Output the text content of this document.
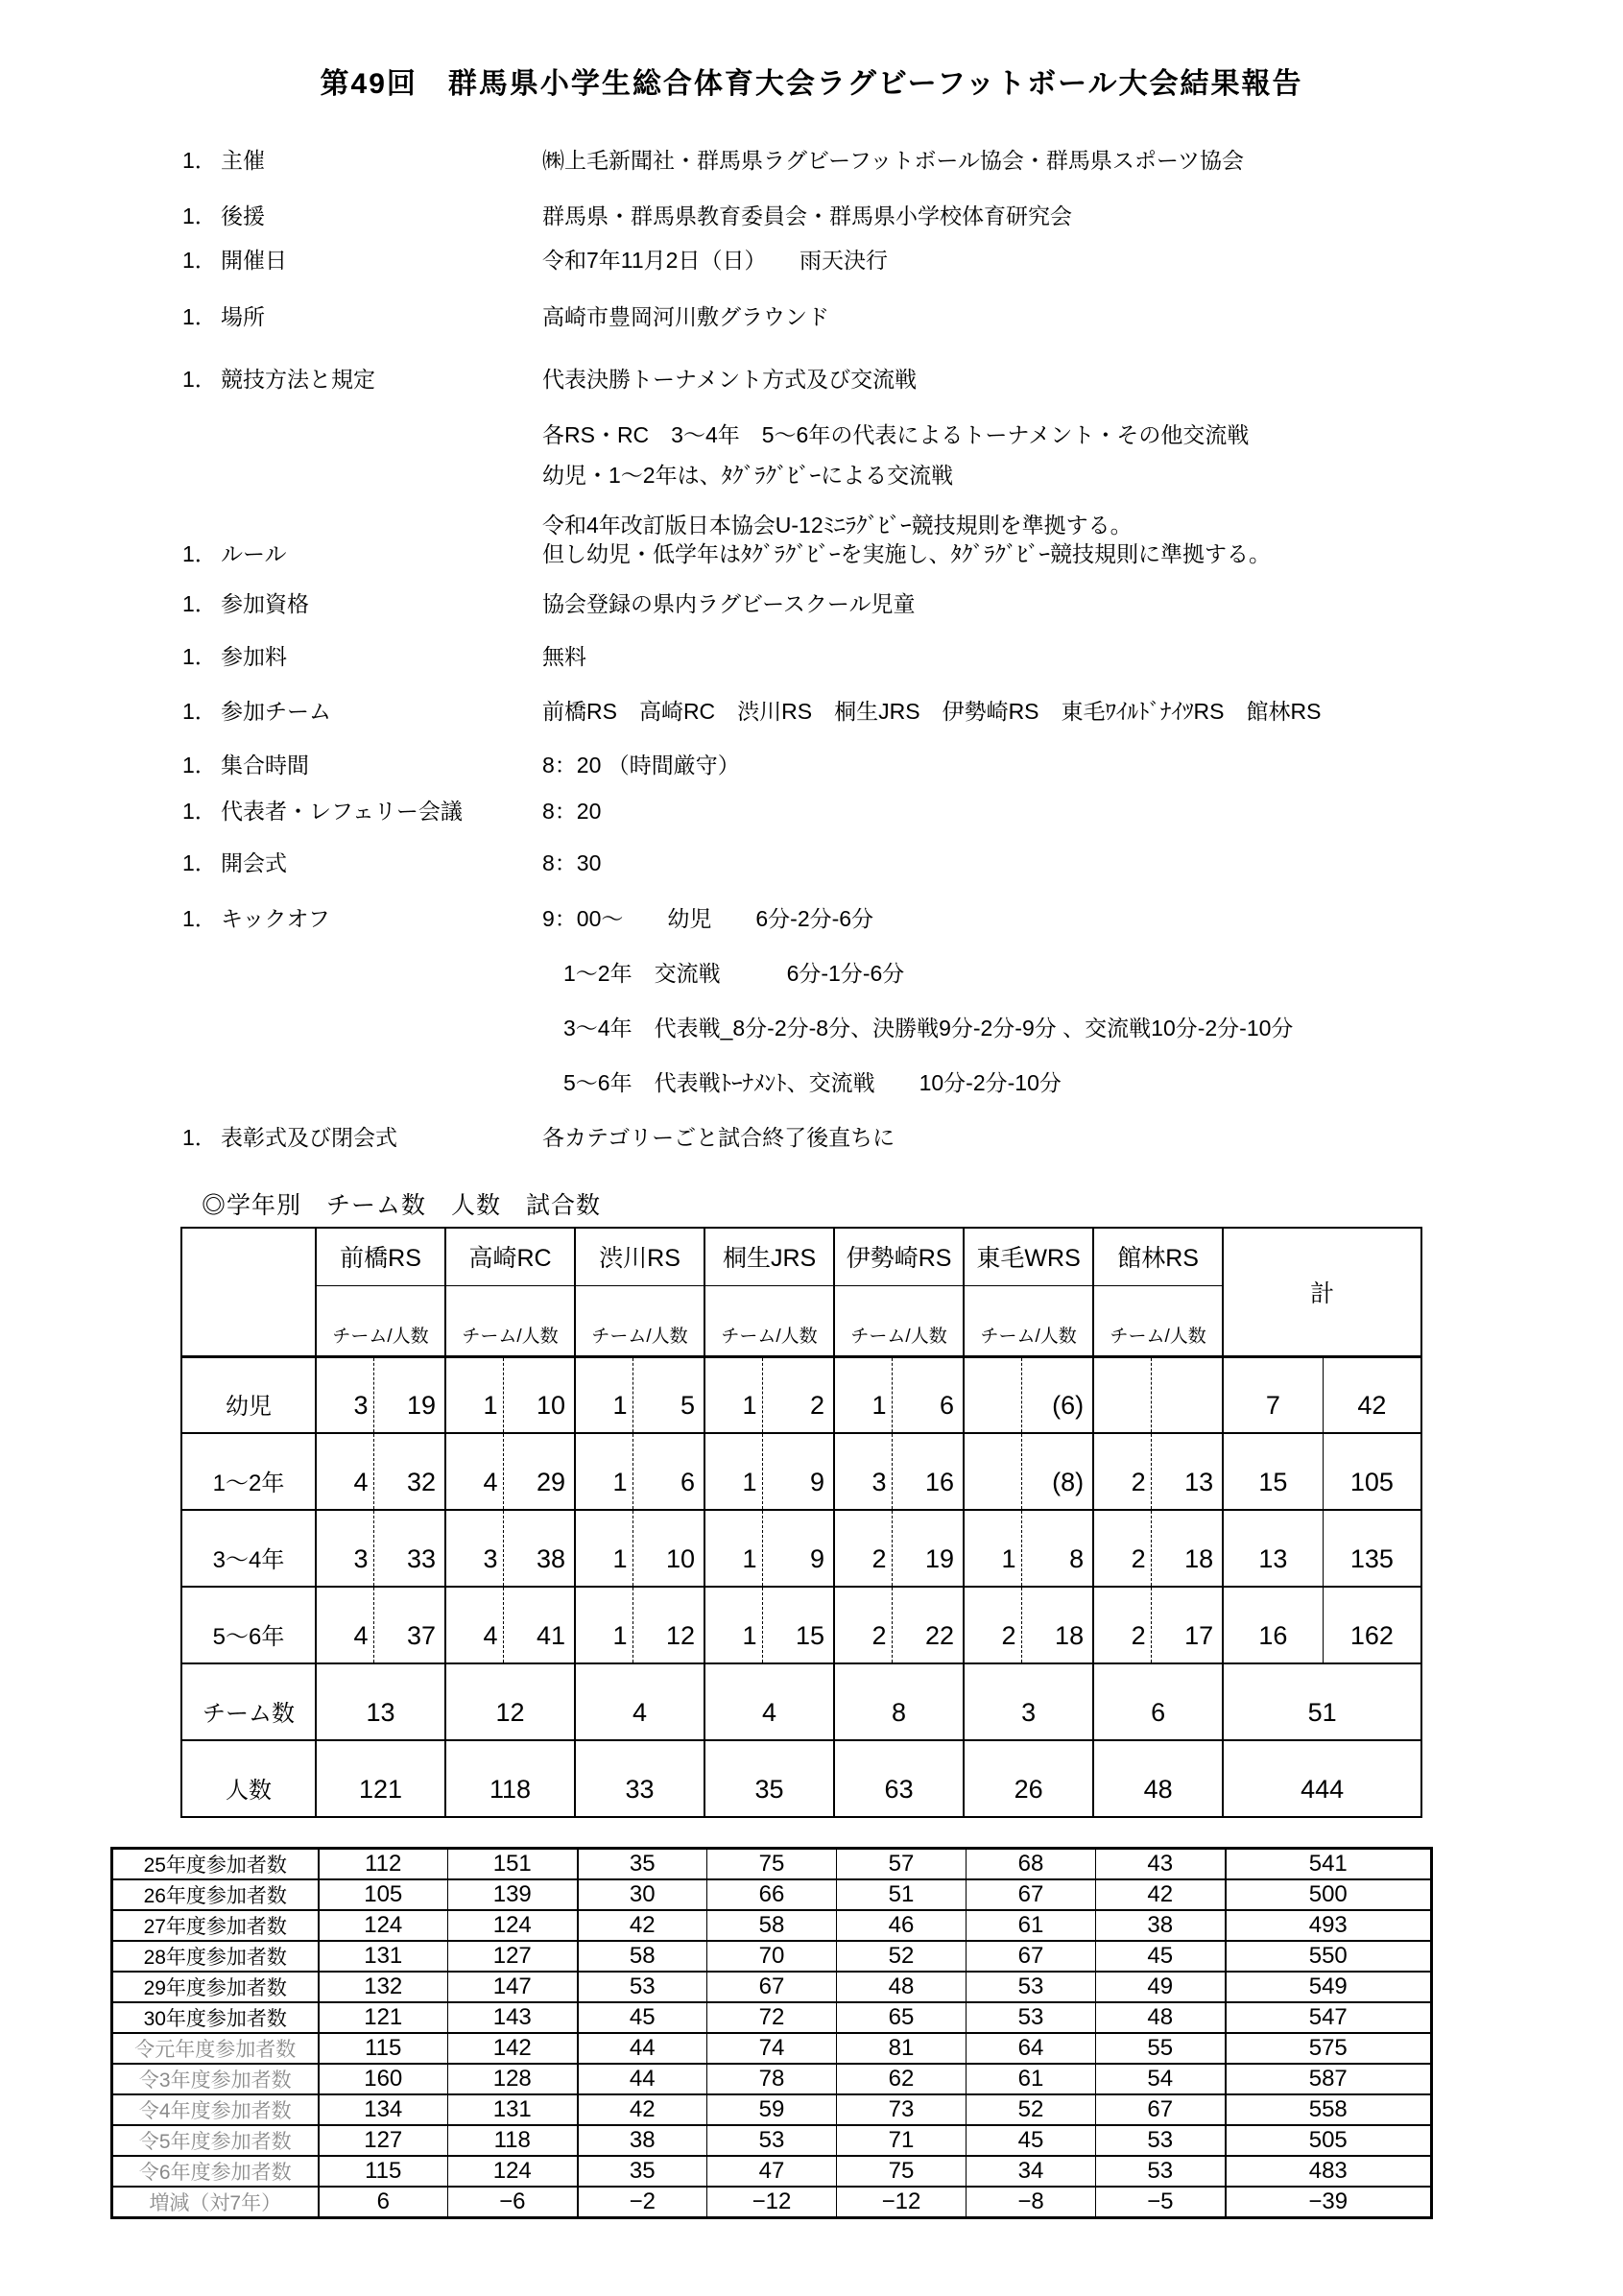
第49回　群馬県小学生総合体育大会ラグビーフットボール大会結果報告
1． 主催	㈱上毛新聞社・群馬県ラグビーフットボール協会・群馬県スポーツ協会
1． 後援	群馬県・群馬県教育委員会・群馬県小学校体育研究会
1． 開催日	令和7年11月2日（日）　　雨天決行
1． 場所	高崎市豊岡河川敷グラウンド
1． 競技方法と規定	代表決勝トーナメント方式及び交流戦
各RS・RC　3〜4年　5〜6年の代表によるトーナメント・その他交流戦
幼児・1〜2年は、ﾀｸﾞﾗｸﾞﾋﾞｰによる交流戦
1． ルール
令和4年改訂版日本協会U-12ﾐﾆﾗｸﾞﾋﾞｰ競技規則を準拠する。
但し幼児・低学年はﾀｸﾞﾗｸﾞﾋﾞｰを実施し、ﾀｸﾞﾗｸﾞﾋﾞｰ競技規則に準拠する。
1． 参加資格	協会登録の県内ラグビースクール児童
1． 参加料	無料
1． 参加チーム	前橋RS　高崎RC　渋川RS　桐生JRS　伊勢崎RS　東毛ﾜｲﾙﾄﾞﾅｲﾂRS　館林RS
1． 集合時間	8：20 （時間厳守）
1． 代表者・レフェリー会議	8：20
1． 開会式	8：30
1． キックオフ	9：00〜　　幼児　　6分-2分-6分
1〜2年　交流戦　　　6分-1分-6分
3〜4年　代表戦_8分-2分-8分、決勝戦9分-2分-9分 、交流戦10分-2分-10分
5〜6年　代表戦ﾄｰﾅﾒﾝﾄ、交流戦　　10分-2分-10分
1． 表彰式及び閉会式	各カテゴリーごと試合終了後直ちに
◎学年別　チーム数　人数　試合数
	前橋RS		高崎RC		渋川RS		桐生JRS		伊勢崎RS		東毛WRS		館林RS		計	
	チーム/人数		チーム/人数		チーム/人数		チーム/人数		チーム/人数		チーム/人数		チーム/人数			
幼児	3	19	1	10	1	5	1	2	1	6		(6)			7	42
1〜2年	4	32	4	29	1	6	1	9	3	16		(8)	2	13	15	105
3〜4年	3	33	3	38	1	10	1	9	2	19	1	8	2	18	13	135
5〜6年	4	37	4	41	1	12	1	15	2	22	2	18	2	17	16	162
チーム数	13		12		4		4		8		3		6		51	
人数	121		118		33		35		63		26		48		444	
25年度参加者数	112	151	35	75	57	68	43	541
26年度参加者数	105	139	30	66	51	67	42	500
27年度参加者数	124	124	42	58	46	61	38	493
28年度参加者数	131	127	58	70	52	67	45	550
29年度参加者数	132	147	53	67	48	53	49	549
30年度参加者数	121	143	45	72	65	53	48	547
令元年度参加者数	115	142	44	74	81	64	55	575
令3年度参加者数	160	128	44	78	62	61	54	587
令4年度参加者数	134	131	42	59	73	52	67	558
令5年度参加者数	127	118	38	53	71	45	53	505
令6年度参加者数	115	124	35	47	75	34	53	483
増減（対7年）	6	−6	−2	−12	−12	−8	−5	−39
